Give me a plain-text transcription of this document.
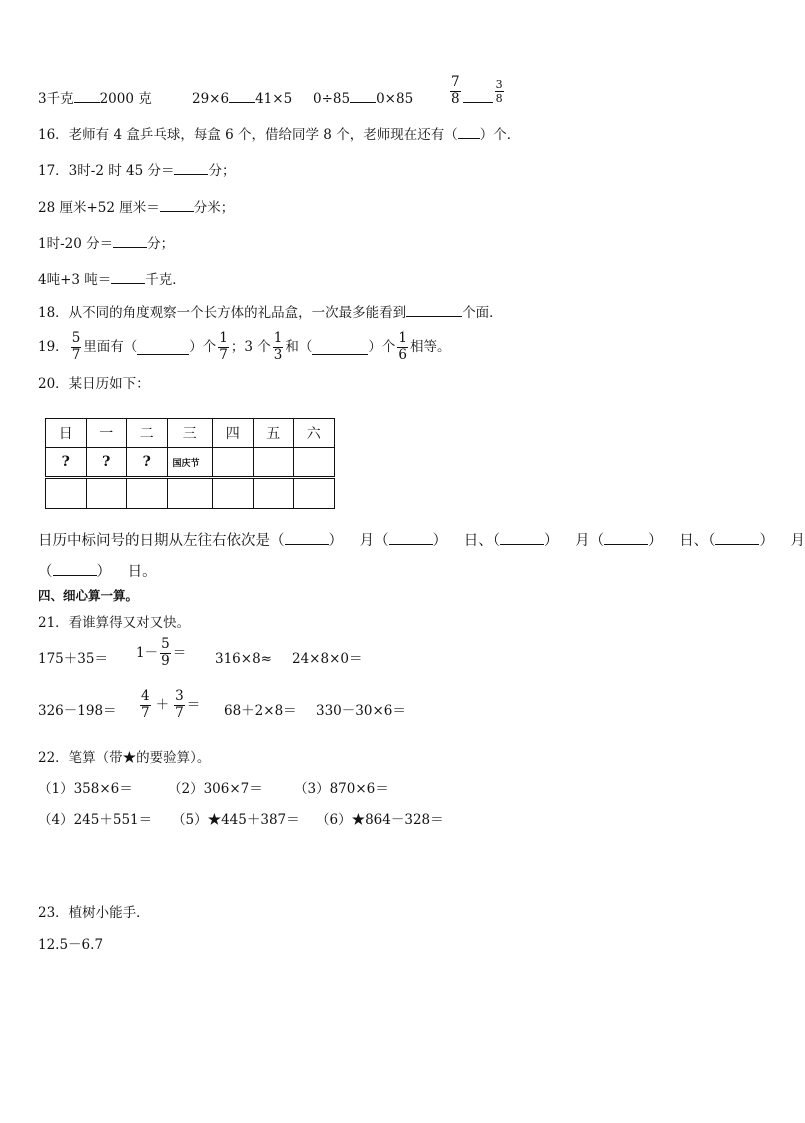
3千克 2000 克	29×6 41×5 0÷85 0×85	$\frac{7}{8}$	$\frac{3}{8}$
16．老师有 4 盒乒乓球，每盒 6 个，借给同学 8 个，老师现在还有（ ）个．
17．3时-2 时 45 分＝	分；
28 厘米+52 厘米＝	分米；
1时-20 分＝	分；
4吨+3 吨＝	千克．
18．从不同的角度观察一个长方体的礼品盒，一次最多能看到	个面．
19． $\frac{5}{7}$ 里面有（	）个 $\frac{1}{7}$ ；3 个 $\frac{1}{3}$ 和（	）个 $\frac{1}{6}$ 相等。
20．某日历如下：
日	一	二	三	四	五	六
?	?	?	国庆节			

日历中标问号的日期从左往右依次是（	） 月（	） 日、（	） 月（	） 日、（	） 月
（	） 日。
四、细心算一算。
21．看谁算得又对又快。
$175+35= 1- \frac{5}{9} = 316\times 8\approx 24\times 8\times 0=$
$326-198= \frac{4}{7} + \frac{3}{7} = 68+2\times 8= 330-30\times 6=$
22．笔算（带★的要验算）。
（1）358×6＝	（2）306×7＝ （3）870×6＝
（4）245＋551＝ （5）★445＋387＝ （6）★864－328＝
23．植树小能手．
12.5－6.7
